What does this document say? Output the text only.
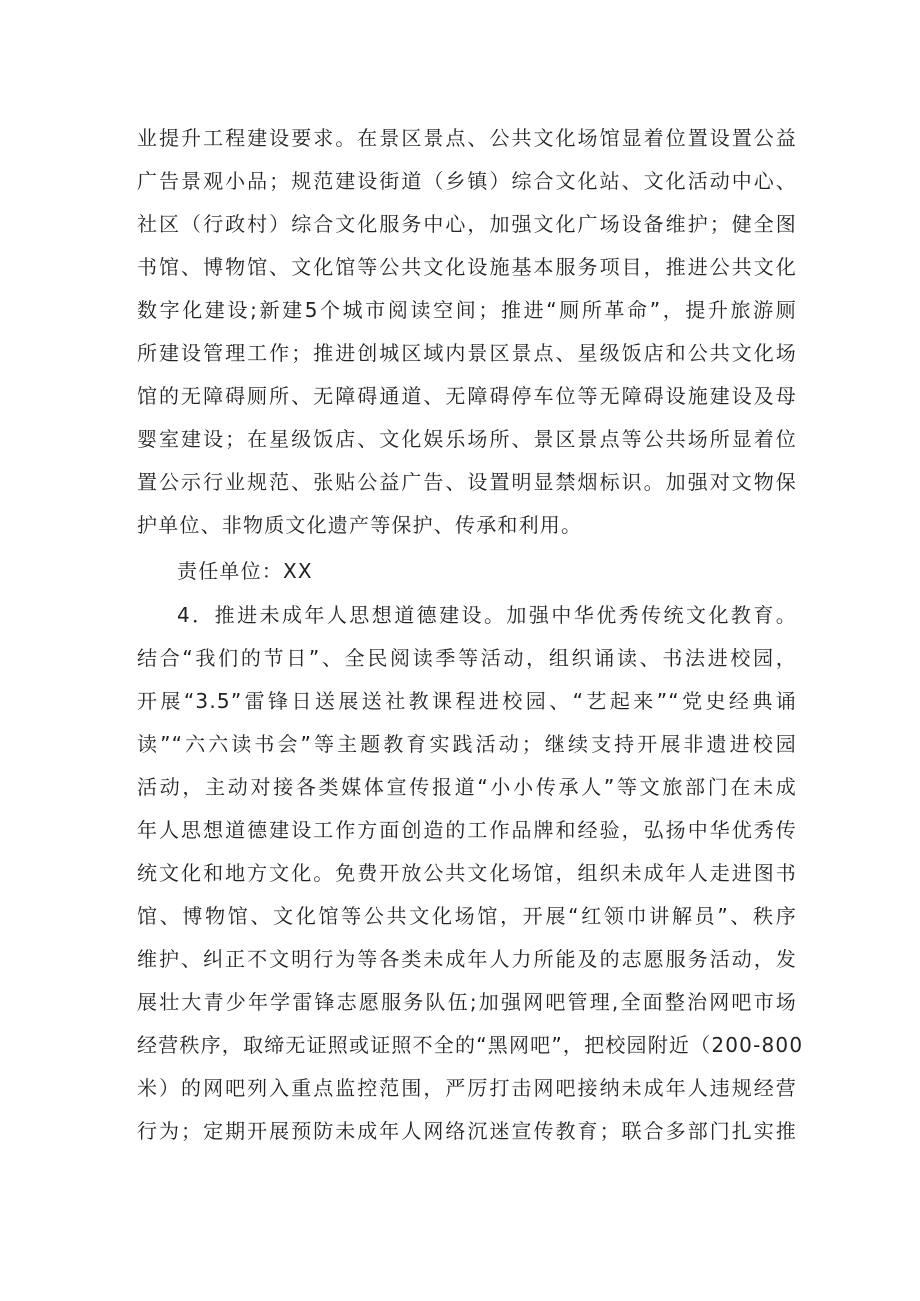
业提升工程建设要求。在景区景点、公共文化场馆显着位置设置公益
广告景观小品；规范建设街道（乡镇）综合文化站、文化活动中心、
社区（行政村）综合文化服务中心，加强文化广场设备维护；健全图
书馆、博物馆、文化馆等公共文化设施基本服务项目，推进公共文化
数字化建设;新建5个城市阅读空间；推进“厕所革命”，提升旅游厕
所建设管理工作；推进创城区域内景区景点、星级饭店和公共文化场
馆的无障碍厕所、无障碍通道、无障碍停车位等无障碍设施建设及母
婴室建设；在星级饭店、文化娱乐场所、景区景点等公共场所显着位
置公示行业规范、张贴公益广告、设置明显禁烟标识。加强对文物保
护单位、非物质文化遗产等保护、传承和利用。
责任单位：XX
4．推进未成年人思想道德建设。加强中华优秀传统文化教育。
结合“我们的节日”、全民阅读季等活动，组织诵读、书法进校园，
开展“3.5”雷锋日送展送社教课程进校园、“艺起来”“党史经典诵
读”“六六读书会”等主题教育实践活动；继续支持开展非遗进校园
活动，主动对接各类媒体宣传报道“小小传承人”等文旅部门在未成
年人思想道德建设工作方面创造的工作品牌和经验，弘扬中华优秀传
统文化和地方文化。免费开放公共文化场馆，组织未成年人走进图书
馆、博物馆、文化馆等公共文化场馆，开展“红领巾讲解员”、秩序
维护、纠正不文明行为等各类未成年人力所能及的志愿服务活动，发
展壮大青少年学雷锋志愿服务队伍;加强网吧管理,全面整治网吧市场
经营秩序，取缔无证照或证照不全的“黑网吧”，把校园附近（200-800
米）的网吧列入重点监控范围，严厉打击网吧接纳未成年人违规经营
行为；定期开展预防未成年人网络沉迷宣传教育；联合多部门扎实推
